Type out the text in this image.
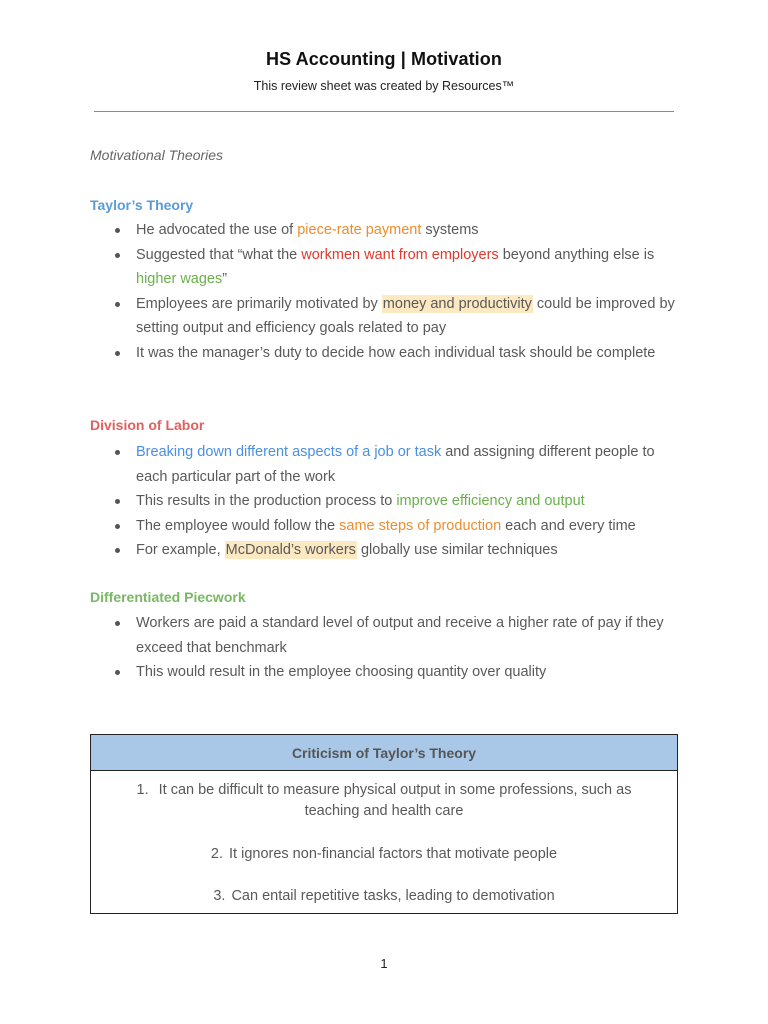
HS Accounting | Motivation
This review sheet was created by Resources™
Motivational Theories
Taylor’s Theory
He advocated the use of piece-rate payment systems
Suggested that “what the workmen want from employers beyond anything else is higher wages”
Employees are primarily motivated by money and productivity could be improved by setting output and efficiency goals related to pay
It was the manager’s duty to decide how each individual task should be complete
Division of Labor
Breaking down different aspects of a job or task and assigning different people to each particular part of the work
This results in the production process to improve efficiency and output
The employee would follow the same steps of production each and every time
For example, McDonald’s workers globally use similar techniques
Differentiated Piecwork
Workers are paid a standard level of output and receive a higher rate of pay if they exceed that benchmark
This would result in the employee choosing quantity over quality
Criticism of Taylor’s Theory
1. It can be difficult to measure physical output in some professions, such as
teaching and health care
2. It ignores non-financial factors that motivate people
3. Can entail repetitive tasks, leading to demotivation
1
